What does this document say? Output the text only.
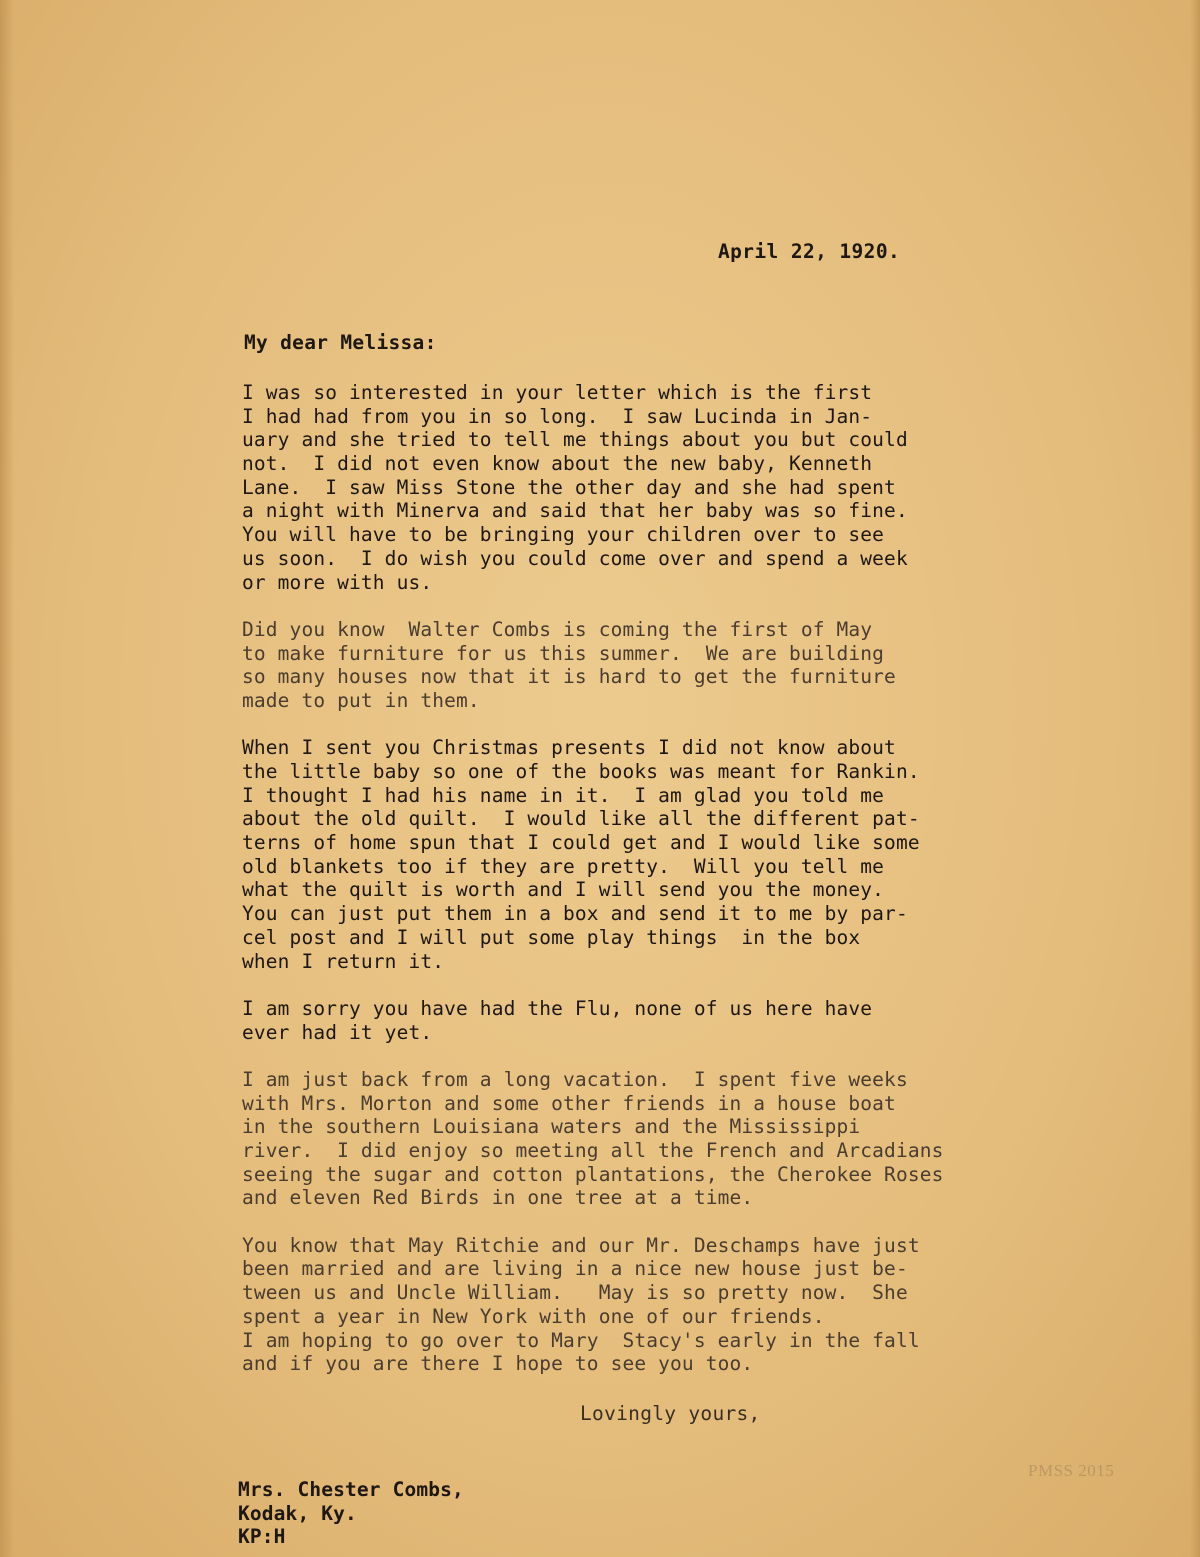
April 22, 1920.
My dear Melissa:
I was so interested in your letter which is the first
I had had from you in so long.  I saw Lucinda in Jan-
uary and she tried to tell me things about you but could
not.  I did not even know about the new baby, Kenneth
Lane.  I saw Miss Stone the other day and she had spent
a night with Minerva and said that her baby was so fine.
You will have to be bringing your children over to see
us soon.  I do wish you could come over and spend a week
or more with us.
Did you know  Walter Combs is coming the first of May
to make furniture for us this summer.  We are building
so many houses now that it is hard to get the furniture
made to put in them.
When I sent you Christmas presents I did not know about
the little baby so one of the books was meant for Rankin.
I thought I had his name in it.  I am glad you told me
about the old quilt.  I would like all the different pat-
terns of home spun that I could get and I would like some
old blankets too if they are pretty.  Will you tell me
what the quilt is worth and I will send you the money.
You can just put them in a box and send it to me by par-
cel post and I will put some play things  in the box
when I return it.
I am sorry you have had the Flu, none of us here have
ever had it yet.
I am just back from a long vacation.  I spent five weeks
with Mrs. Morton and some other friends in a house boat
in the southern Louisiana waters and the Mississippi
river.  I did enjoy so meeting all the French and Arcadians
seeing the sugar and cotton plantations, the Cherokee Roses
and eleven Red Birds in one tree at a time.
You know that May Ritchie and our Mr. Deschamps have just
been married and are living in a nice new house just be-
tween us and Uncle William.   May is so pretty now.  She
spent a year in New York with one of our friends.
I am hoping to go over to Mary  Stacy's early in the fall
and if you are there I hope to see you too.
Lovingly yours,
Mrs. Chester Combs,
Kodak, Ky.
KP:H
PMSS 2015
